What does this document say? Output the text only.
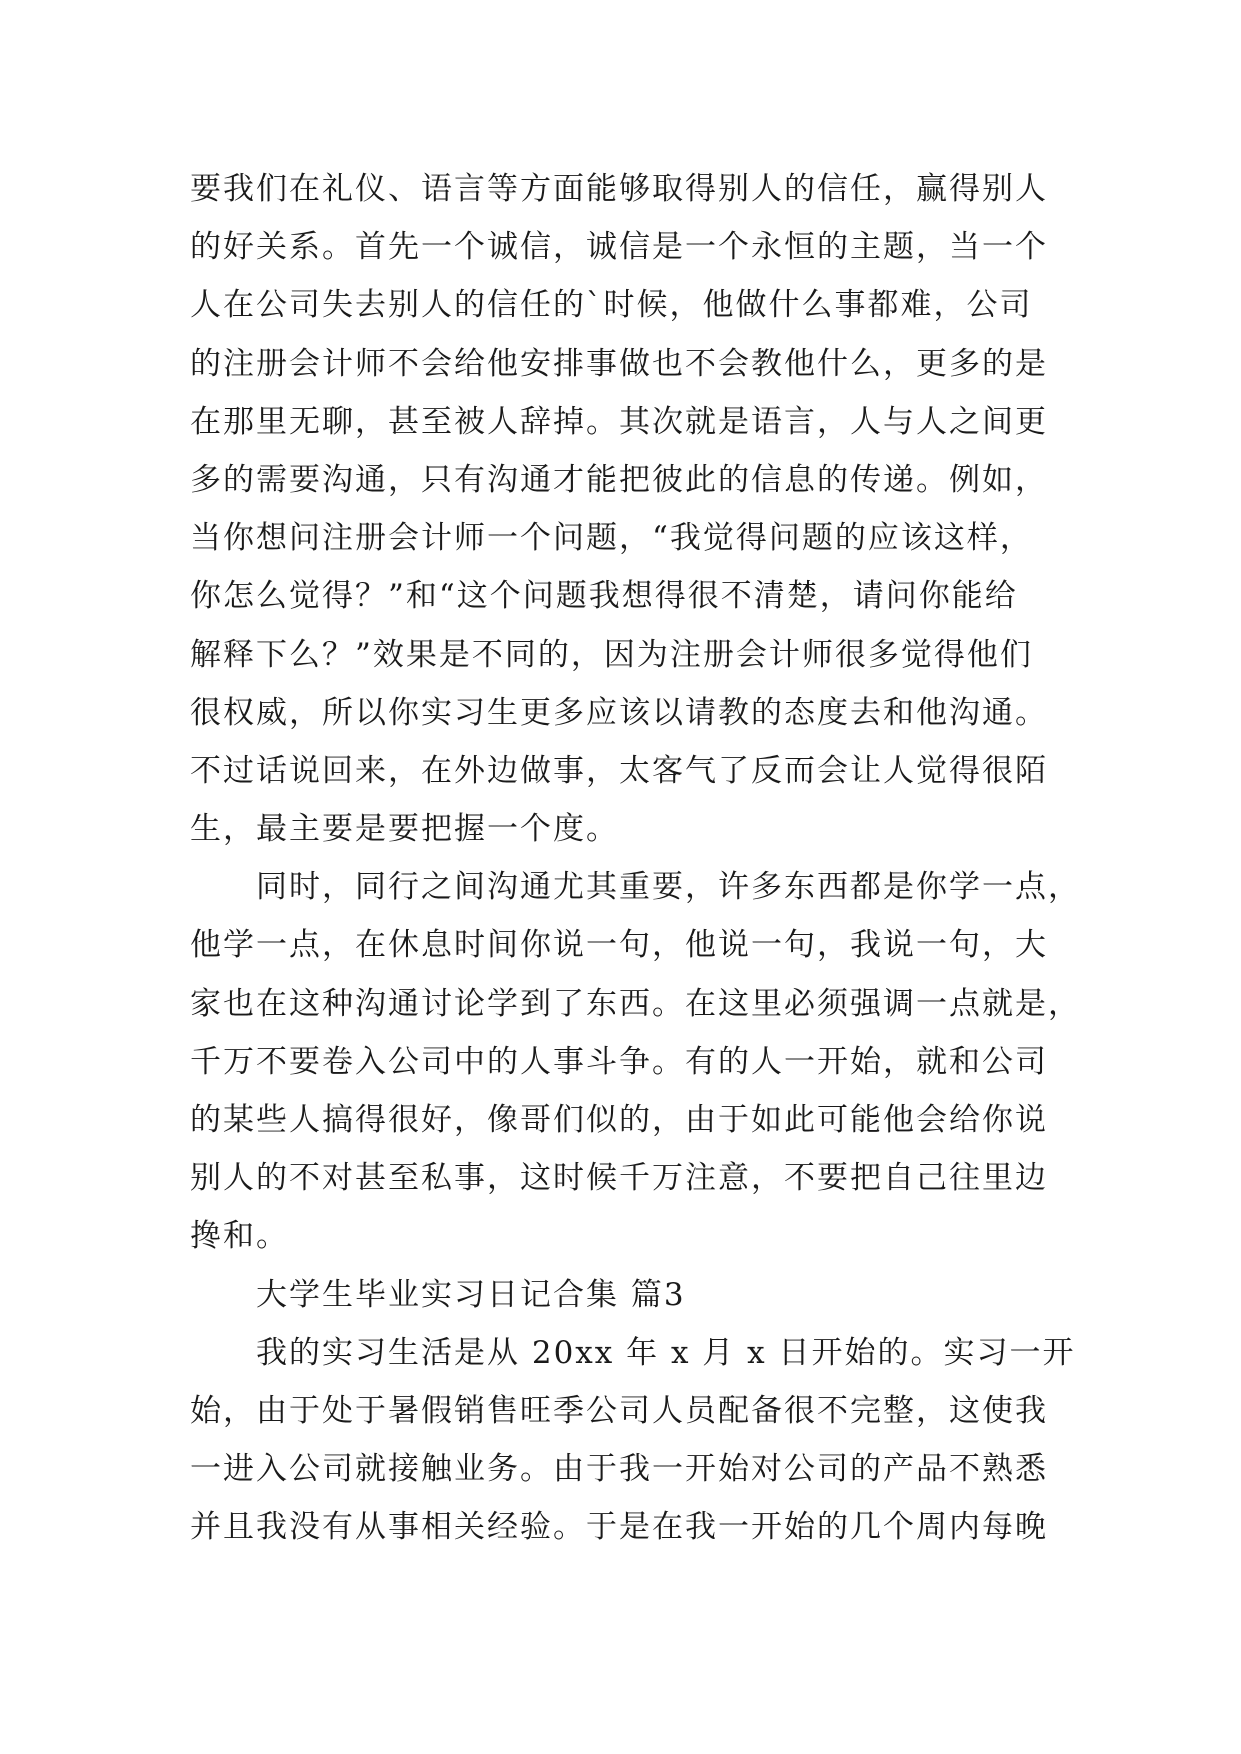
要我们在礼仪、语言等方面能够取得别人的信任，赢得别人
的好关系。首先一个诚信，诚信是一个永恒的主题，当一个
人在公司失去别人的信任的`时候，他做什么事都难，公司
的注册会计师不会给他安排事做也不会教他什么，更多的是
在那里无聊，甚至被人辞掉。其次就是语言，人与人之间更
多的需要沟通，只有沟通才能把彼此的信息的传递。例如，
当你想问注册会计师一个问题，“我觉得问题的应该这样，
你怎么觉得？”和“这个问题我想得很不清楚，请问你能给
解释下么？”效果是不同的，因为注册会计师很多觉得他们
很权威，所以你实习生更多应该以请教的态度去和他沟通。
不过话说回来，在外边做事，太客气了反而会让人觉得很陌
生，最主要是要把握一个度。
同时，同行之间沟通尤其重要，许多东西都是你学一点，
他学一点，在休息时间你说一句，他说一句，我说一句，大
家也在这种沟通讨论学到了东西。在这里必须强调一点就是，
千万不要卷入公司中的人事斗争。有的人一开始，就和公司
的某些人搞得很好，像哥们似的，由于如此可能他会给你说
别人的不对甚至私事，这时候千万注意，不要把自己往里边
搀和。
大学生毕业实习日记合集 篇3
我的实习生活是从 20xx 年 x 月 x 日开始的。实习一开
始，由于处于暑假销售旺季公司人员配备很不完整，这使我
一进入公司就接触业务。由于我一开始对公司的产品不熟悉
并且我没有从事相关经验。于是在我一开始的几个周内每晚
